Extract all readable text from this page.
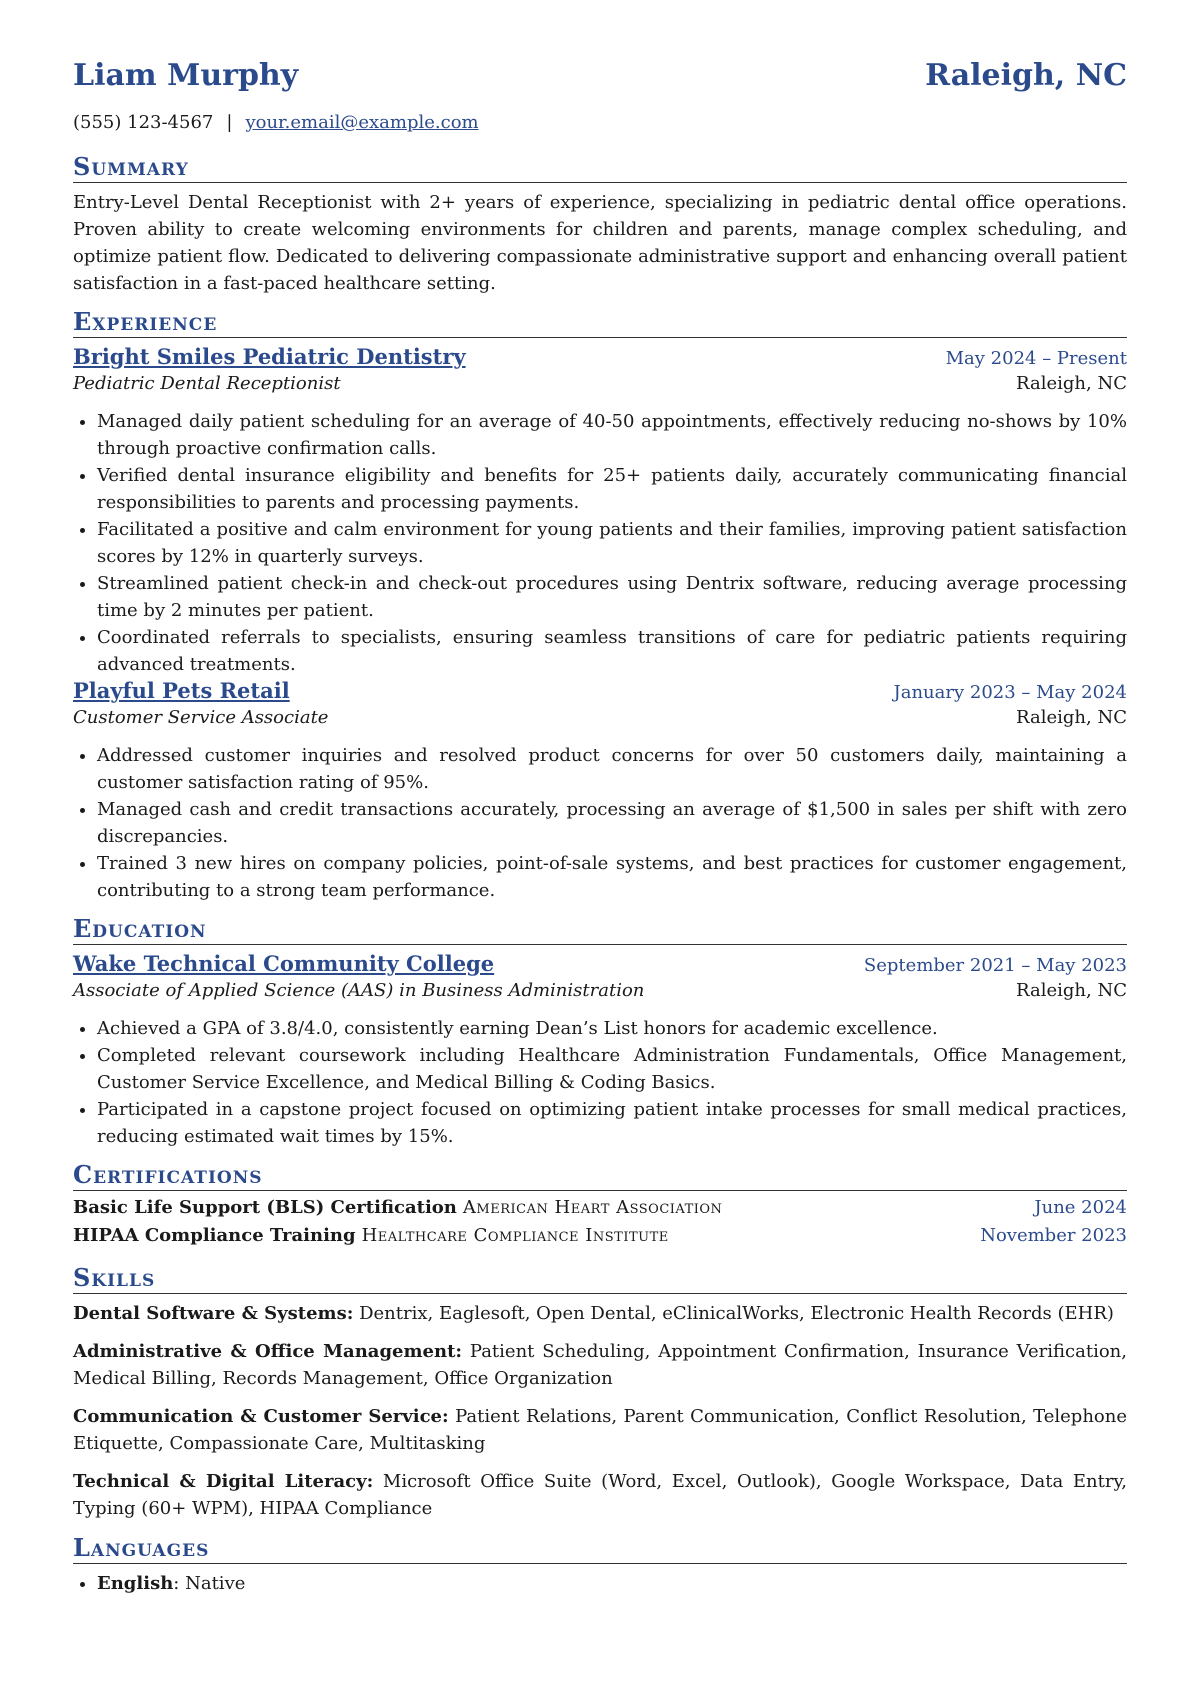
Liam Murphy	Raleigh, NC
(555) 123-4567 | your.email@example.com
Summary
Entry-Level Dental Receptionist with 2+ years of experience, specializing in pediatric dental office operations. Proven ability to create welcoming environments for children and parents, manage complex scheduling, and optimize patient flow. Dedicated to delivering compassionate administrative support and enhancing overall patient satisfaction in a fast-paced healthcare setting.
Experience
Bright Smiles Pediatric Dentistry	May 2024 – Present
Pediatric Dental Receptionist	Raleigh, NC
• Managed daily patient scheduling for an average of 40-50 appointments, effectively reducing no-shows by 10% through proactive confirmation calls.
• Verified dental insurance eligibility and benefits for 25+ patients daily, accurately communicating financial responsibilities to parents and processing payments.
• Facilitated a positive and calm environment for young patients and their families, improving patient satisfaction scores by 12% in quarterly surveys.
• Streamlined patient check-in and check-out procedures using Dentrix software, reducing average processing time by 2 minutes per patient.
• Coordinated referrals to specialists, ensuring seamless transitions of care for pediatric patients requiring advanced treatments.
Playful Pets Retail	January 2023 – May 2024
Customer Service Associate	Raleigh, NC
• Addressed customer inquiries and resolved product concerns for over 50 customers daily, maintaining a customer satisfaction rating of 95%.
• Managed cash and credit transactions accurately, processing an average of $1,500 in sales per shift with zero discrepancies.
• Trained 3 new hires on company policies, point-of-sale systems, and best practices for customer engagement, contributing to a strong team performance.
Education
Wake Technical Community College	September 2021 – May 2023
Associate of Applied Science (AAS) in Business Administration	Raleigh, NC
• Achieved a GPA of 3.8/4.0, consistently earning Dean’s List honors for academic excellence.
• Completed relevant coursework including Healthcare Administration Fundamentals, Office Management, Customer Service Excellence, and Medical Billing & Coding Basics.
• Participated in a capstone project focused on optimizing patient intake processes for small medical practices, reducing estimated wait times by 15%.
Certifications
Basic Life Support (BLS) Certification American Heart Association	June 2024
HIPAA Compliance Training Healthcare Compliance Institute	November 2023
Skills
Dental Software & Systems: Dentrix, Eaglesoft, Open Dental, eClinicalWorks, Electronic Health Records (EHR)
Administrative & Office Management: Patient Scheduling, Appointment Confirmation, Insurance Verification, Medical Billing, Records Management, Office Organization
Communication & Customer Service: Patient Relations, Parent Communication, Conflict Resolution, Telephone Etiquette, Compassionate Care, Multitasking
Technical & Digital Literacy: Microsoft Office Suite (Word, Excel, Outlook), Google Workspace, Data Entry, Typing (60+ WPM), HIPAA Compliance
Languages
• English: Native
